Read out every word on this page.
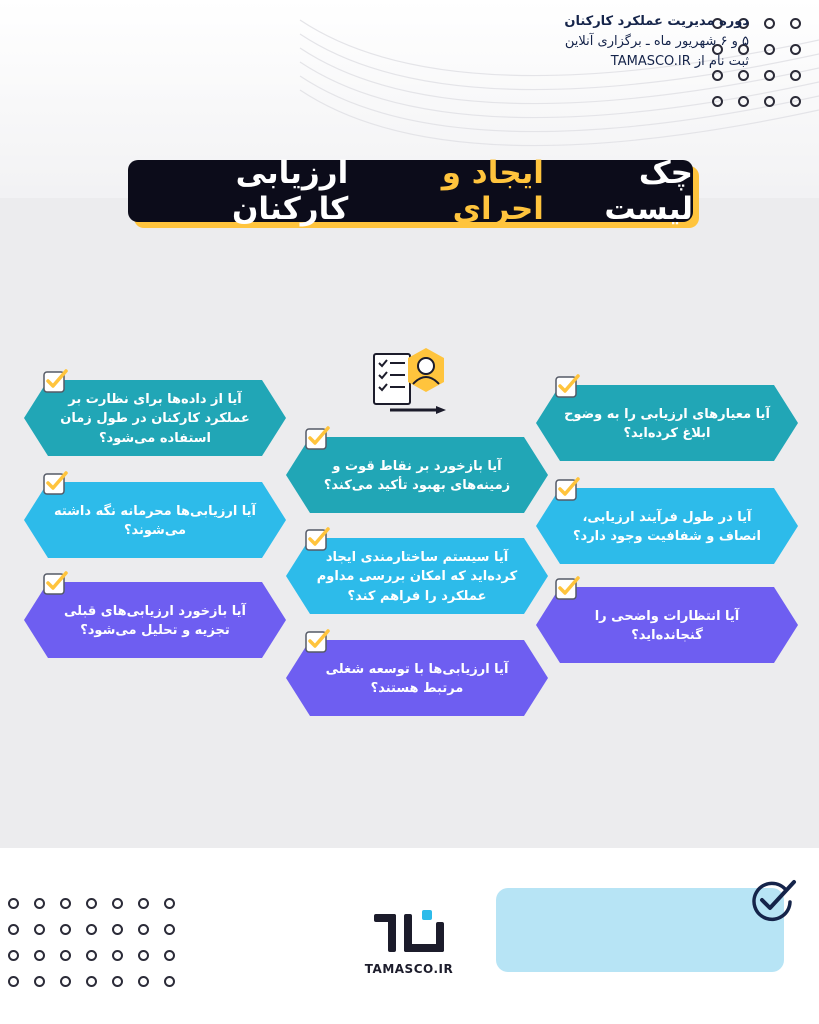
چک لیست
ایجاد و اجرای
ارزیابی کارکنان
آیا معیارهای ارزیابی را به وضوح ابلاغ کرده‌اید؟
آیا در طول فرآیند ارزیابی، انصاف و شفافیت وجود دارد؟
آیا انتظارات واضحی را گنجانده‌اید؟
آیا بازخورد بر نقاط قوت و زمینه‌های بهبود تأکید می‌کند؟
آیا سیستم ساختارمندی ایجاد کرده‌اید که امکان بررسی مداوم عملکرد را فراهم کند؟
آیا ارزیابی‌ها با توسعه شغلی مرتبط هستند؟
آیا از داده‌ها برای نظارت بر عملکرد کارکنان در طول زمان استفاده می‌شود؟
آیا ارزیابی‌ها محرمانه نگه داشته می‌شوند؟
آیا بازخورد ارزیابی‌های قبلی تجزیه و تحلیل می‌شود؟
TAMASCO.IR
دوره مدیریت عملکرد کارکنان
۵ و ۶ شهریور ماه ـ برگزاری آنلاین
ثبت نام از TAMASCO.IR
